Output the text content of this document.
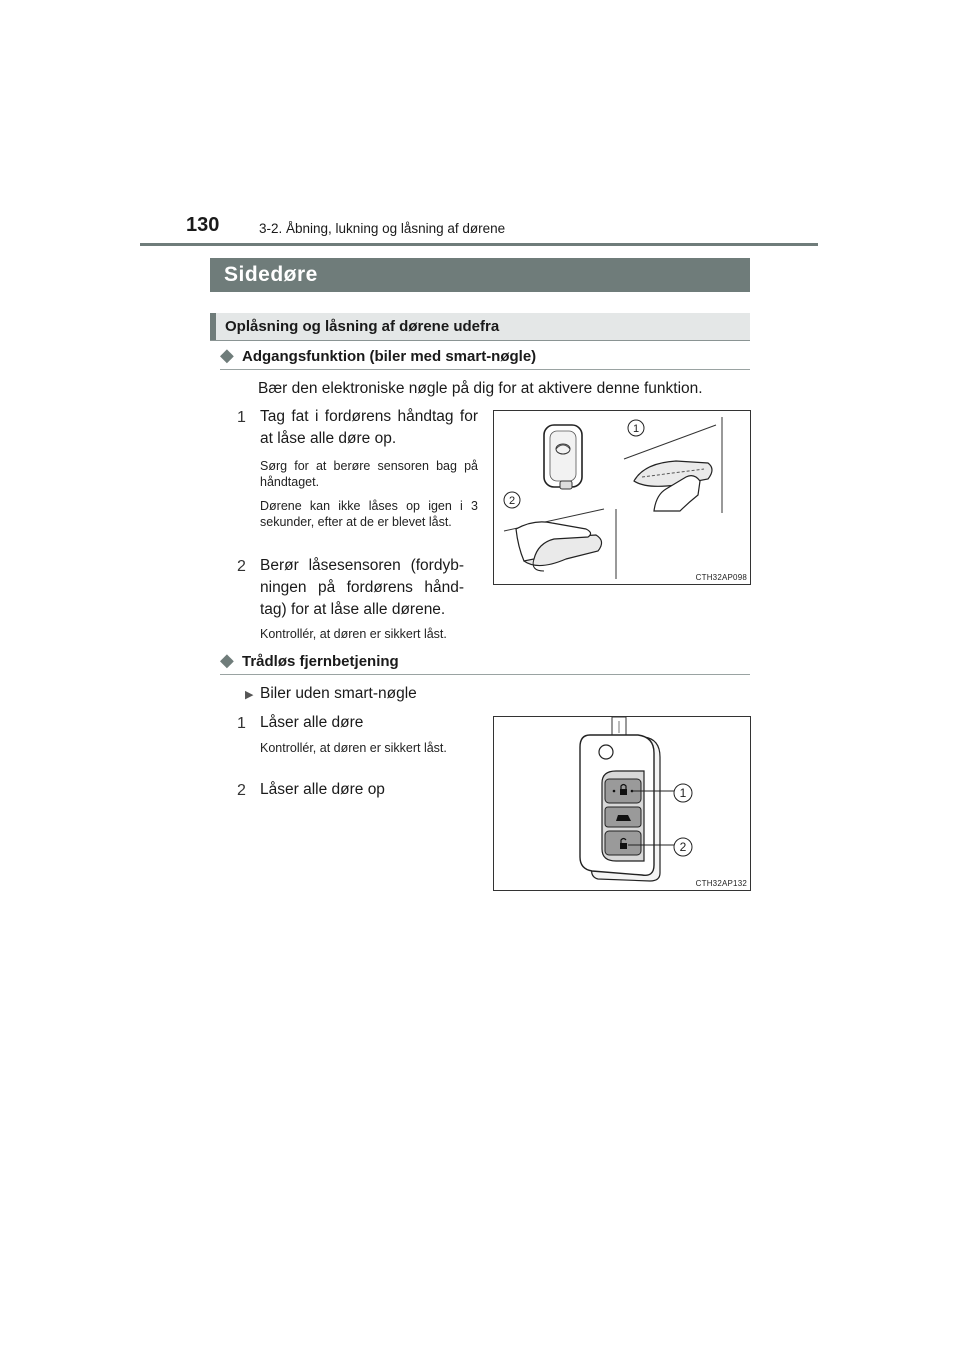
130	3-2. Åbning, lukning og låsning af dørene
Sidedøre
Oplåsning og låsning af dørene udefra
◆ Adgangsfunktion (biler med smart-nøgle)
Bær den elektroniske nøgle på dig for at aktivere denne funktion.
1 Tag fat i fordørens håndtag for at låse alle døre op.
Sørg for at berøre sensoren bag på håndtaget.
Dørene kan ikke låses op igen i 3 sekunder, efter at de er blevet låst.
2 Berør låsesensoren (fordyb-ningen på fordørens hånd-tag) for at låse alle dørene.
Kontrollér, at døren er sikkert låst.
1
2
CTH32AP098
◆ Trådløs fjernbetjening
▶ Biler uden smart-nøgle
1 Låser alle døre
Kontrollér, at døren er sikkert låst.
2 Låser alle døre op	1
2
CTH32AP132
